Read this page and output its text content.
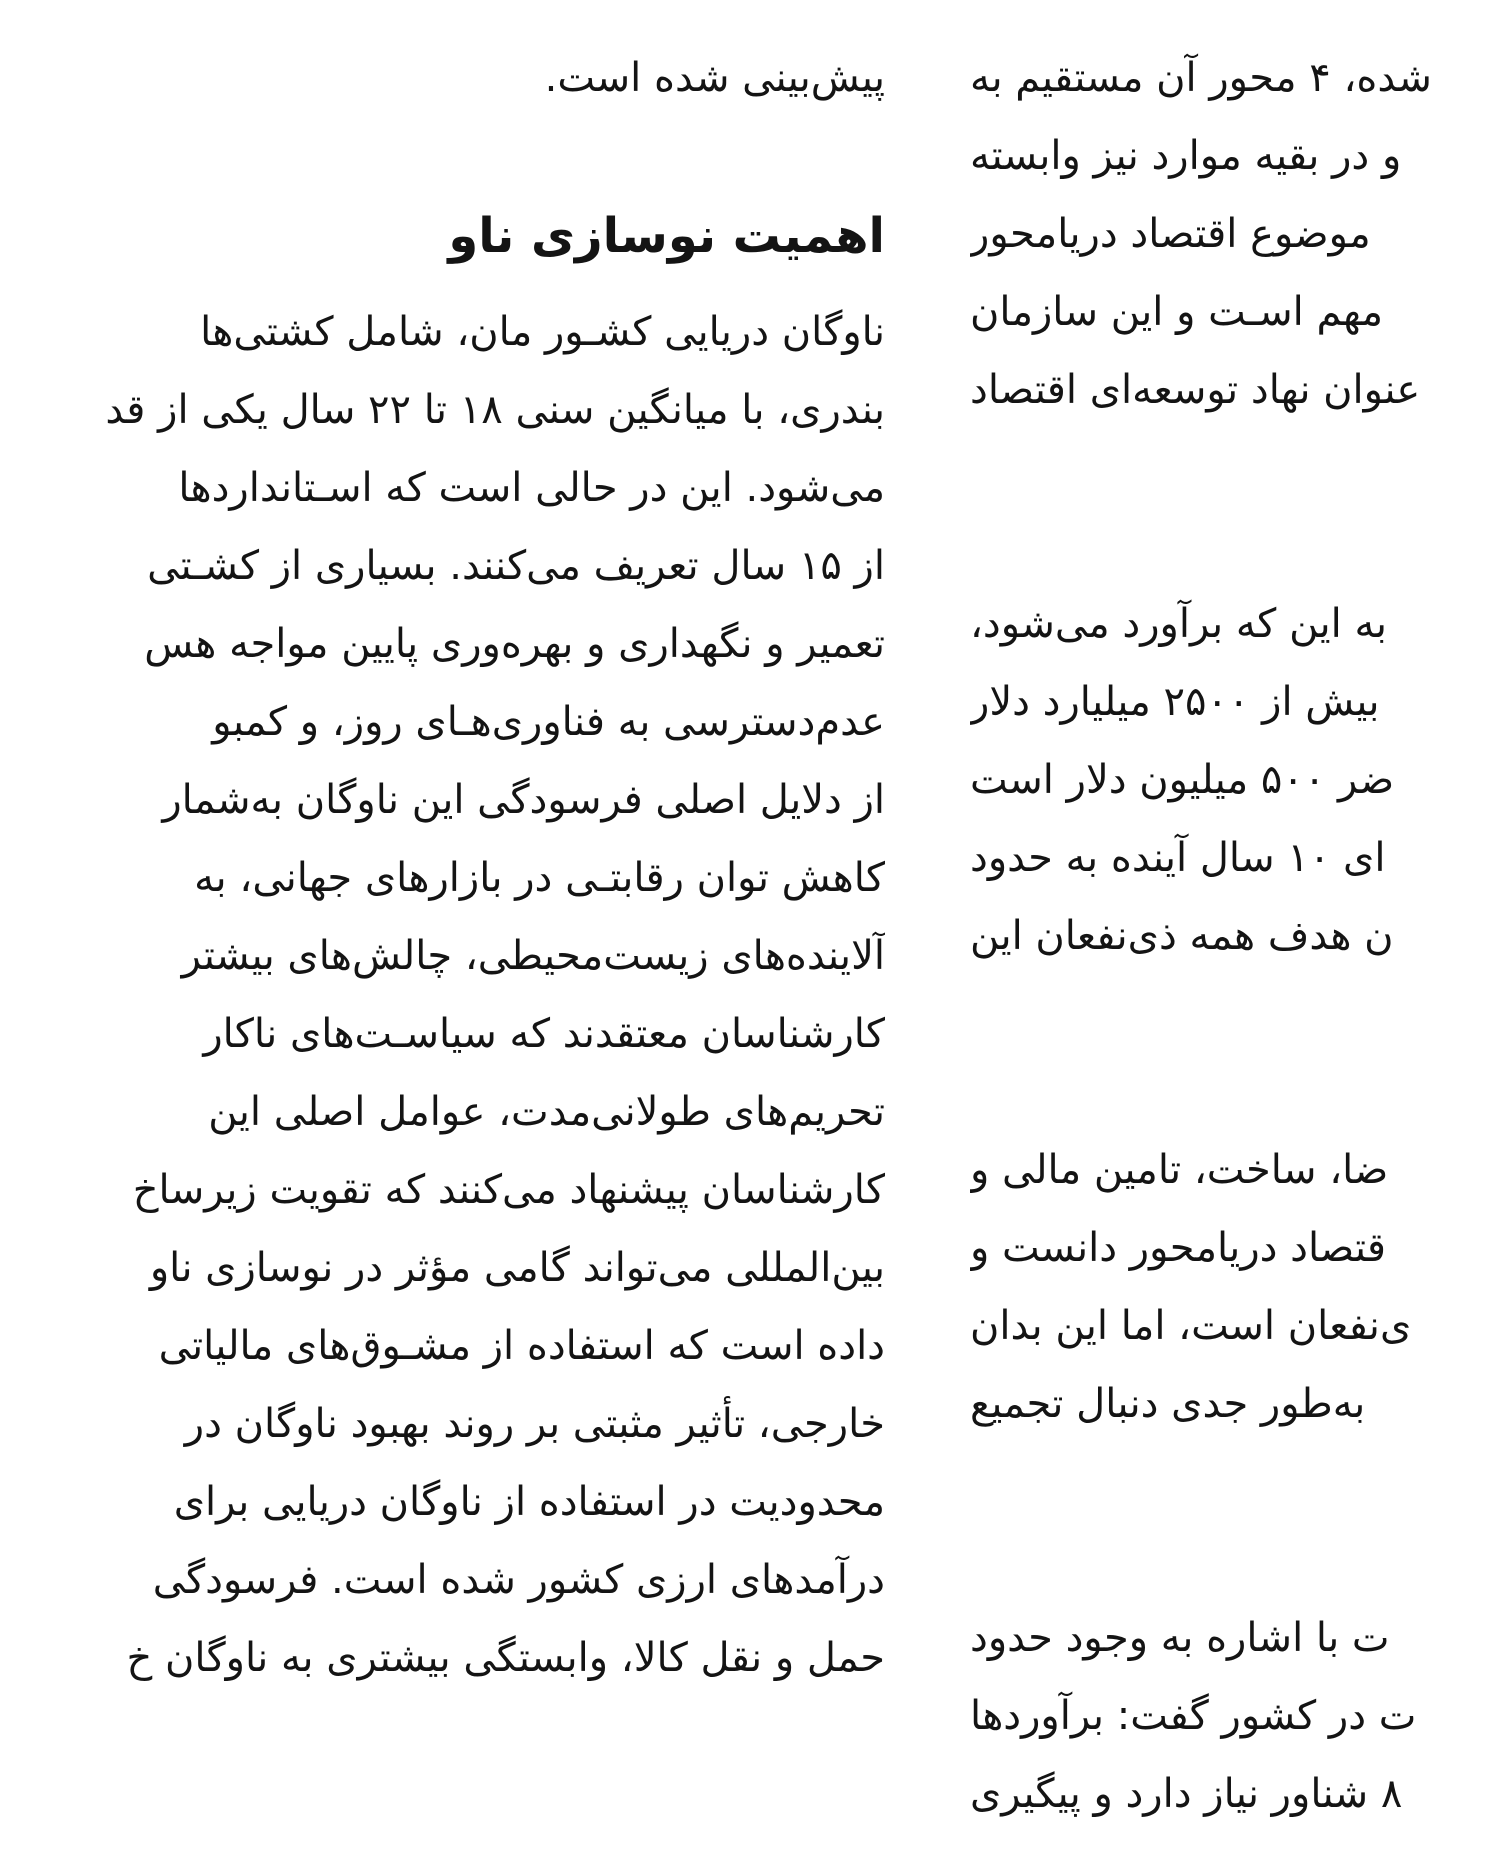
پیش‌بینی شده است.
اهمیت نوسازی ناو
ناوگان دریایی کشـور مان، شامل کشتی‌ها
بندری، با میانگین سنی ۱۸ تا ۲۲ سال یکی از قد
می‌شود. این در حالی است که اسـتانداردها
از ۱۵ سال تعریف می‌کنند. بسیاری از کشـتی
تعمیر و نگهداری و بهره‌وری پایین مواجه هس
عدم‌دسترسی به فناوری‌هـای روز، و کمبو
از دلایل اصلی فرسودگی این ناوگان به‌شمار
کاهش توان رقابتـی در بازارهای جهانی، به
آلاینده‌های زیست‌محیطی، چالش‌های بیشتر
کارشناسان معتقدند که سیاسـت‌های ناکار
تحریم‌های طولانی‌مدت، عوامل اصلی این
کارشناسان پیشنهاد می‌کنند که تقویت زیرساخ
بین‌المللی می‌تواند گامی مؤثر در نوسازی ناو
داده است که استفاده از مشـوق‌های مالیاتی
خارجی، تأثیر مثبتی بر روند بهبود ناوگان در
محدودیت در استفاده از ناوگان دریایی برای
درآمدهای ارزی کشور شده است. فرسودگی
حمل و نقل کالا، وابستگی بیشتری به ناوگان خ
شده، ۴ محور آن مستقیم به
و در بقیه موارد نیز وابسته
موضوع اقتصاد دریامحور
مهم اسـت و این سازمان
عنوان نهاد توسعه‌ای اقتصاد
به این که برآورد می‌شود،
بیش از ۲۵۰۰ میلیارد دلار
ضر ۵۰۰ میلیون دلار است
ای ۱۰ سال آینده به حدود
ن هدف همه ذی‌نفعان این
ضا، ساخت، تامین مالی و
قتصاد دریامحور دانست و
ی‌نفعان است، اما این بدان
به‌طور جدی دنبال تجمیع
ت با اشاره به وجود حدود
ت در کشور گفت: برآوردها
۸ شناور نیاز دارد و پیگیری
